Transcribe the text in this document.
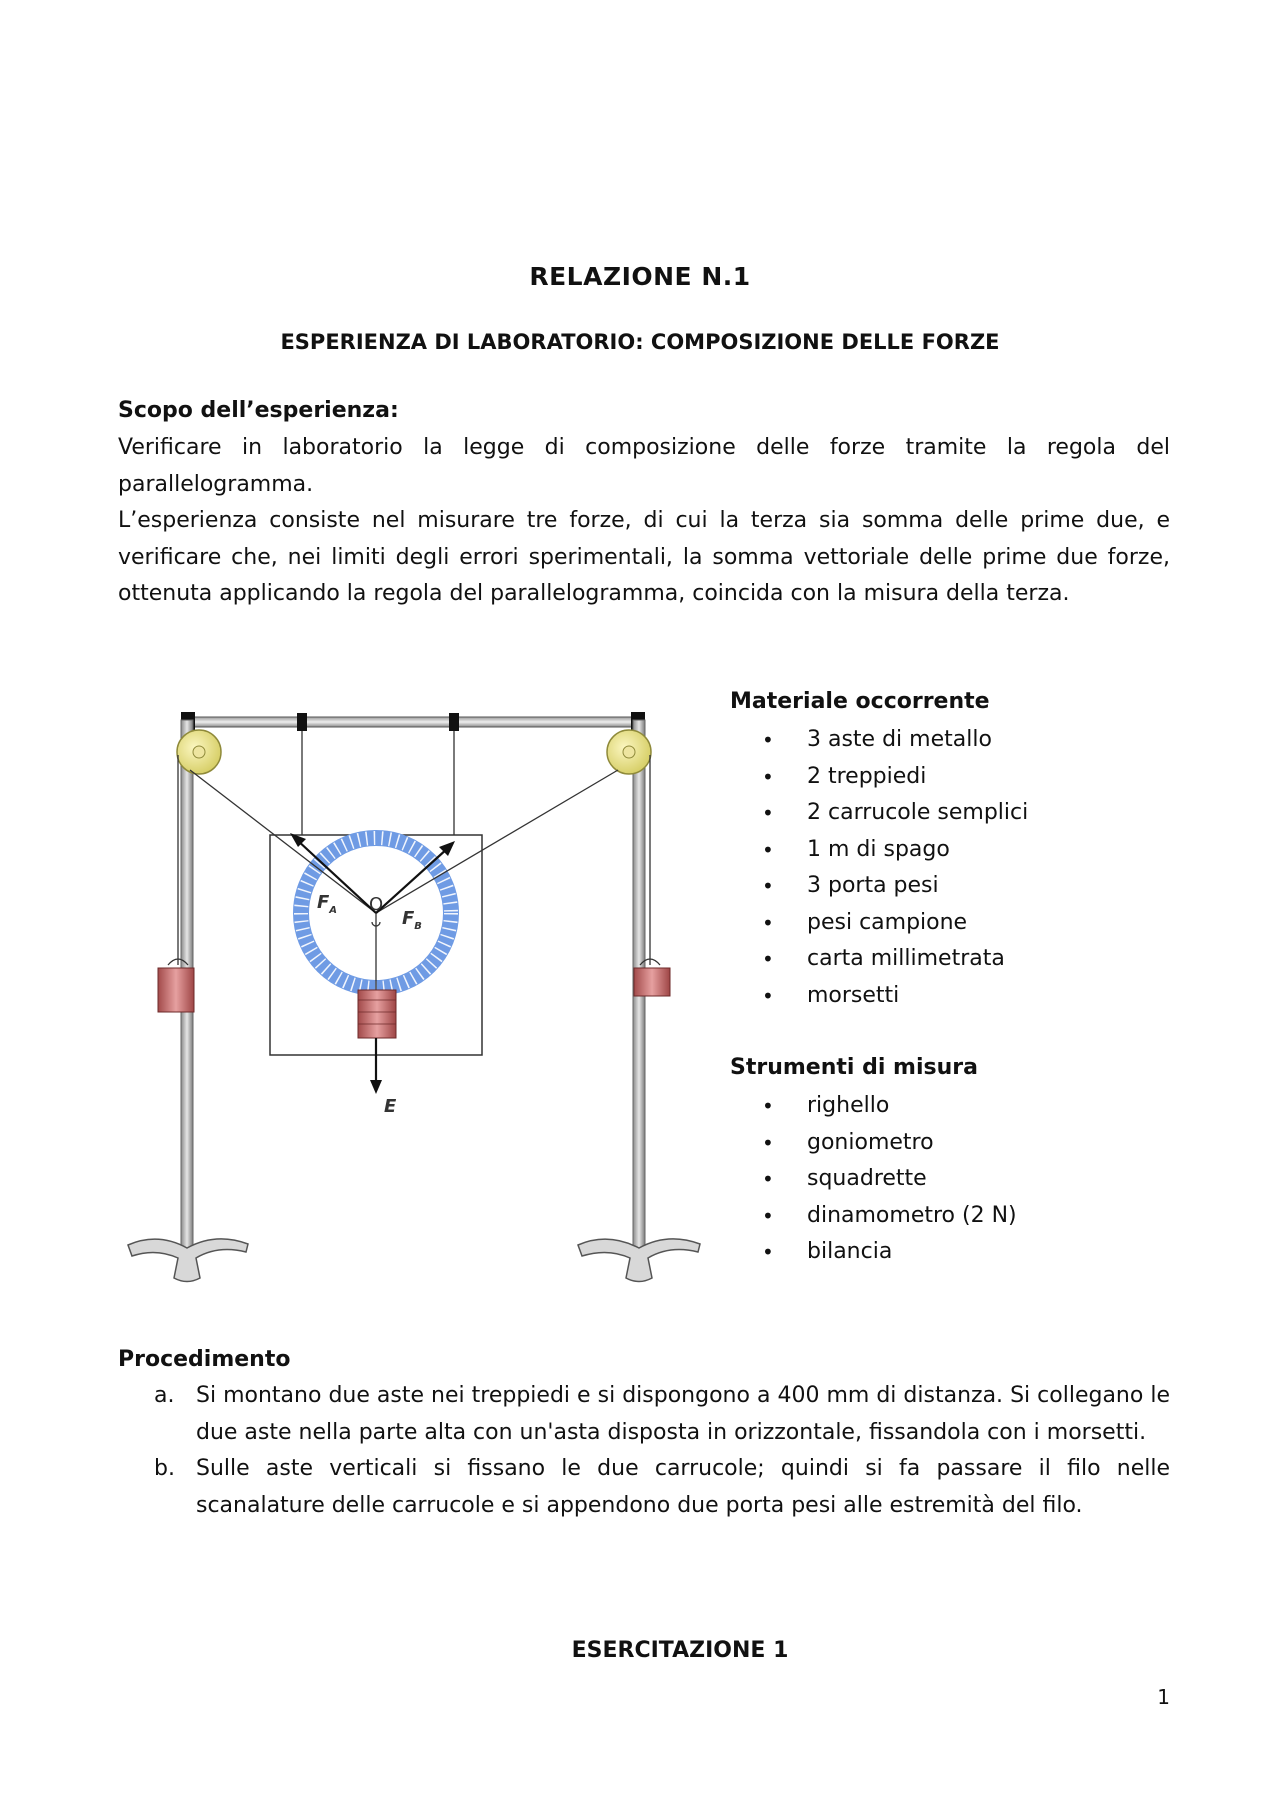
RELAZIONE N.1
ESPERIENZA DI LABORATORIO: COMPOSIZIONE DELLE FORZE
Scopo dell’esperienza:

Verificare in laboratorio la legge di composizione delle forze tramite la regola del parallelogramma.

L’esperienza consiste nel misurare tre forze, di cui la terza sia somma delle prime due, e verificare che, nei limiti degli errori sperimentali, la somma vettoriale delle prime due forze, ottenuta applicando la regola del parallelogramma, coincida con la misura della terza.

$F_A$	$F_B$
O
E
Materiale occorrente
• 3 aste di metallo
• 2 treppiedi
• 2 carrucole semplici
• 1 m di spago
• 3 porta pesi
• pesi campione
• carta millimetrata
• morsetti
Strumenti di misura
• righello
• goniometro
• squadrette
• dinamometro (2 N)
• bilancia
Procedimento
a. Si montano due aste nei treppiedi e si dispongono a 400 mm di distanza. Si collegano le due aste nella parte alta con un'asta disposta in orizzontale, fissandola con i morsetti.
b. Sulle aste verticali si fissano le due carrucole; quindi si fa passare il filo nelle scanalature delle carrucole e si appendono due porta pesi alle estremità del filo.
ESERCITAZIONE 1
1
